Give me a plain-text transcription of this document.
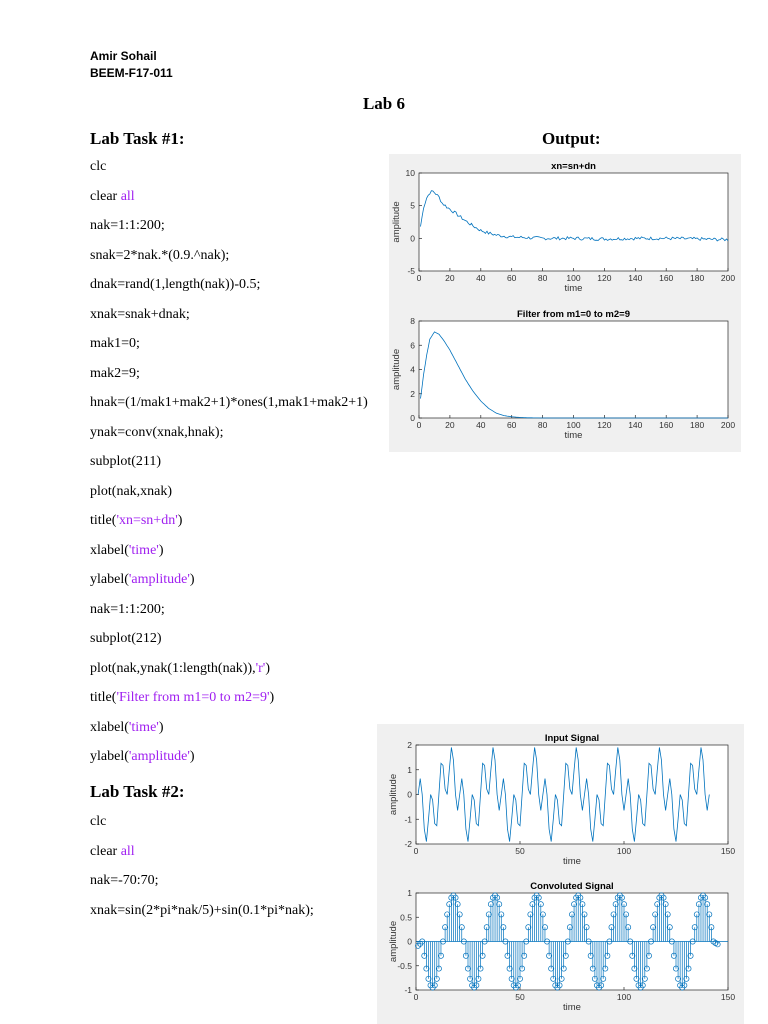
Amir Sohail
BEEM-F17-011
Lab 6
Lab Task #1:	Output:
clc
clear all
nak=1:1:200;
snak=2*nak.*(0.9.^nak);
dnak=rand(1,length(nak))-0.5;
xnak=snak+dnak;
mak1=0;
mak2=9;
hnak=(1/mak1+mak2+1)*ones(1,mak1+mak2+1)
ynak=conv(xnak,hnak);
subplot(211)
plot(nak,xnak)
title('xn=sn+dn')
xlabel('time')
ylabel('amplitude')
nak=1:1:200;
subplot(212)
plot(nak,ynak(1:length(nak)),'r')
title('Filter from m1=0 to m2=9')
xlabel('time')
ylabel('amplitude')
Lab Task #2:
clc
clear all
nak=-70:70;
xnak=sin(2*pi*nak/5)+sin(0.1*pi*nak);
0	20	40	60	80 100 120 140 160 180 200
-5
0
5
10
xn=sn+dn
time
amplitude
0	20	40	60	80 100 120 140 160 180 200
0
2
4
6
8
Filter from m1=0 to m2=9
time
amplitude
0	50	100	150
-2
-1
0
1
2
Input Signal
time
amplitude
0	50	100	150
-1
-0.5
0
0.5
1
Convoluted Signal
time
amplitude
